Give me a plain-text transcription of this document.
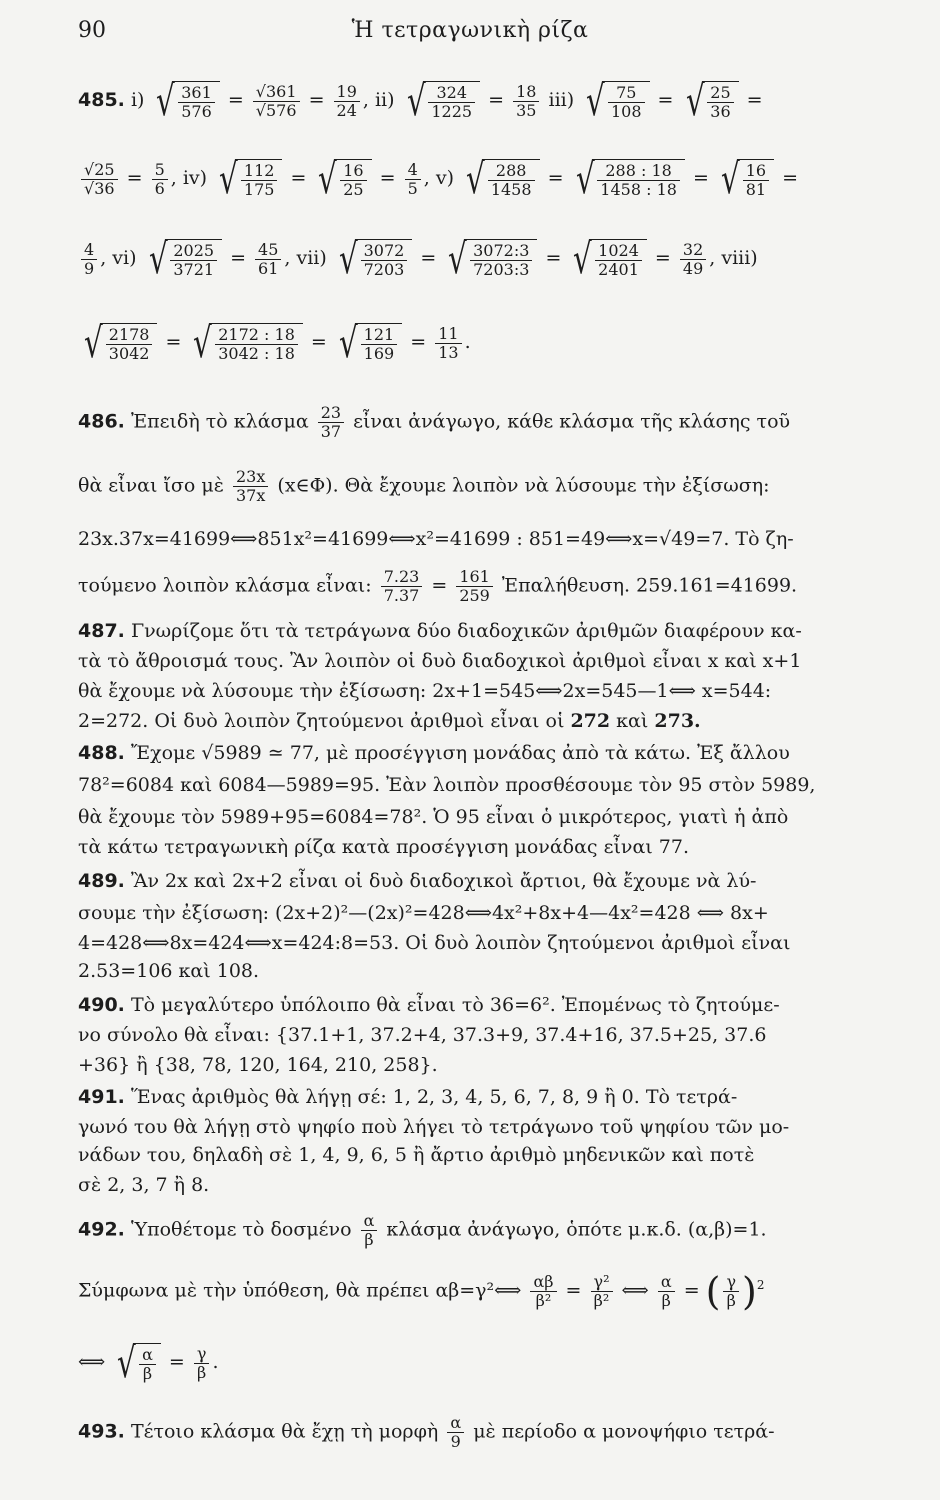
90	Ἡ τετραγωνικὴ ρίζα
485. i) √ $\frac{361}{576} = \frac{√361}{√576} = \frac{19}{24}$ , ii) √ $\frac{324}{1225} = \frac{18}{35} iii$) √ $\frac{75}{108}$ = √ $\frac{25}{36}$ =
$\frac{√25}{√36} = \frac{5}{6}$ , iv) √ $\frac{112}{175}$ = √ $\frac{16}{25} = \frac{4}{5}$ , v) √ $\frac{288}{1458}$ = √ $\frac{288 : 18}{1458 : 18}$ = √ $\frac{16}{81}$ =
$\frac{4}{9}$ , vi) √ $\frac{2025}{3721} = \frac{45}{61}$ , vii) √ $\frac{3072}{7203}$ = √ $\frac{3072:3}{7203:3}$ = √ $\frac{1024}{2401} = \frac{32}{49}$ , viii)
√ $\frac{2178}{3042}$ = √ $\frac{2172 : 18}{3042 : 18}$ = √ $\frac{121}{169} = \frac{11}{13}$ .
486. Ἐπειδὴ τὸ κλάσμα $\frac{23}{37}$ εἶναι ἀνάγωγο, κάθε κλάσμα τῆς κλάσης τοῦ
θὰ εἶναι ἴσο μὲ $\frac{23x}{37x}$ (x∈Φ). Θὰ ἔχουμε λοιπὸν νὰ λύσουμε τὴν ἐξίσωση:
23x.37x=41699⟺851x²=41699⟺x²=41699 : 851=49⟺x=√49=7. Τὸ ζη-
τούμενο λοιπὸν κλάσμα εἶναι: $\frac{7.23}{7.37} = \frac{161}{259}$ Ἐπαλήθευση. 259.161=41699.
487. Γνωρίζομε ὅτι τὰ τετράγωνα δύο διαδοχικῶν ἀριθμῶν διαφέρουν κα-
τὰ τὸ ἄθροισμά τους. Ἂν λοιπὸν οἱ δυὸ διαδοχικοὶ ἀριθμοὶ εἶναι x καὶ x+1
θὰ ἔχουμε νὰ λύσουμε τὴν ἐξίσωση: 2x+1=545⟺2x=545—1⟺ x=544:
2=272. Οἱ δυὸ λοιπὸν ζητούμενοι ἀριθμοὶ εἶναι οἱ 272 καὶ 273.
488. Ἔχομε √5989 ≃ 77, μὲ προσέγγιση μονάδας ἀπὸ τὰ κάτω. Ἐξ ἄλλου
78²=6084 καὶ 6084—5989=95. Ἐὰν λοιπὸν προσθέσουμε τὸν 95 στὸν 5989,
θὰ ἔχουμε τὸν 5989+95=6084=78². Ὁ 95 εἶναι ὁ μικρότερος, γιατὶ ἡ ἀπὸ
τὰ κάτω τετραγωνικὴ ρίζα κατὰ προσέγγιση μονάδας εἶναι 77.
489. Ἂν 2x καὶ 2x+2 εἶναι οἱ δυὸ διαδοχικοὶ ἄρτιοι, θὰ ἔχουμε νὰ λύ-
σουμε τὴν ἐξίσωση: (2x+2)²—(2x)²=428⟺4x²+8x+4—4x²=428 ⟺ 8x+
4=428⟺8x=424⟺x=424:8=53. Οἱ δυὸ λοιπὸν ζητούμενοι ἀριθμοὶ εἶναι
2.53=106 καὶ 108.
490. Τὸ μεγαλύτερο ὑπόλοιπο θὰ εἶναι τὸ 36=6². Ἐπομένως τὸ ζητούμε-
νο σύνολο θὰ εἶναι: {37.1+1, 37.2+4, 37.3+9, 37.4+16, 37.5+25, 37.6
+36} ἢ {38, 78, 120, 164, 210, 258}.
491. Ἕνας ἀριθμὸς θὰ λήγῃ σέ: 1, 2, 3, 4, 5, 6, 7, 8, 9 ἢ 0. Τὸ τετρά-
γωνό του θὰ λήγῃ στὸ ψηφίο ποὺ λήγει τὸ τετράγωνο τοῦ ψηφίου τῶν μο-
νάδων του, δηλαδὴ σὲ 1, 4, 9, 6, 5 ἢ ἄρτιο ἀριθμὸ μηδενικῶν καὶ ποτὲ
σὲ 2, 3, 7 ἢ 8.
492. Ὑποθέτομε τὸ δοσμένο $\frac{\alpha}{\beta}$ κλάσμα ἀνάγωγο, ὁπότε μ.κ.δ. (α,β)=1.
Σύμφωνα μὲ τὴν ὑπόθεση, θὰ πρέπει αβ=γ²⟺ $\frac{\alpha\beta}{\text{β²}} = \frac{\text{γ²}}{\text{β²}}$ ⟺ $\frac{\alpha}{\beta}$ = ( $\frac{\gamma}{\beta} )^2$
⟺ √ $\frac{\alpha}{\beta} = \frac{\gamma}{\beta}$ .
493. Τέτοιο κλάσμα θὰ ἔχῃ τὴ μορφὴ $\frac{\alpha}{9}$ μὲ περίοδο α μονοψήφιο τετρά-
